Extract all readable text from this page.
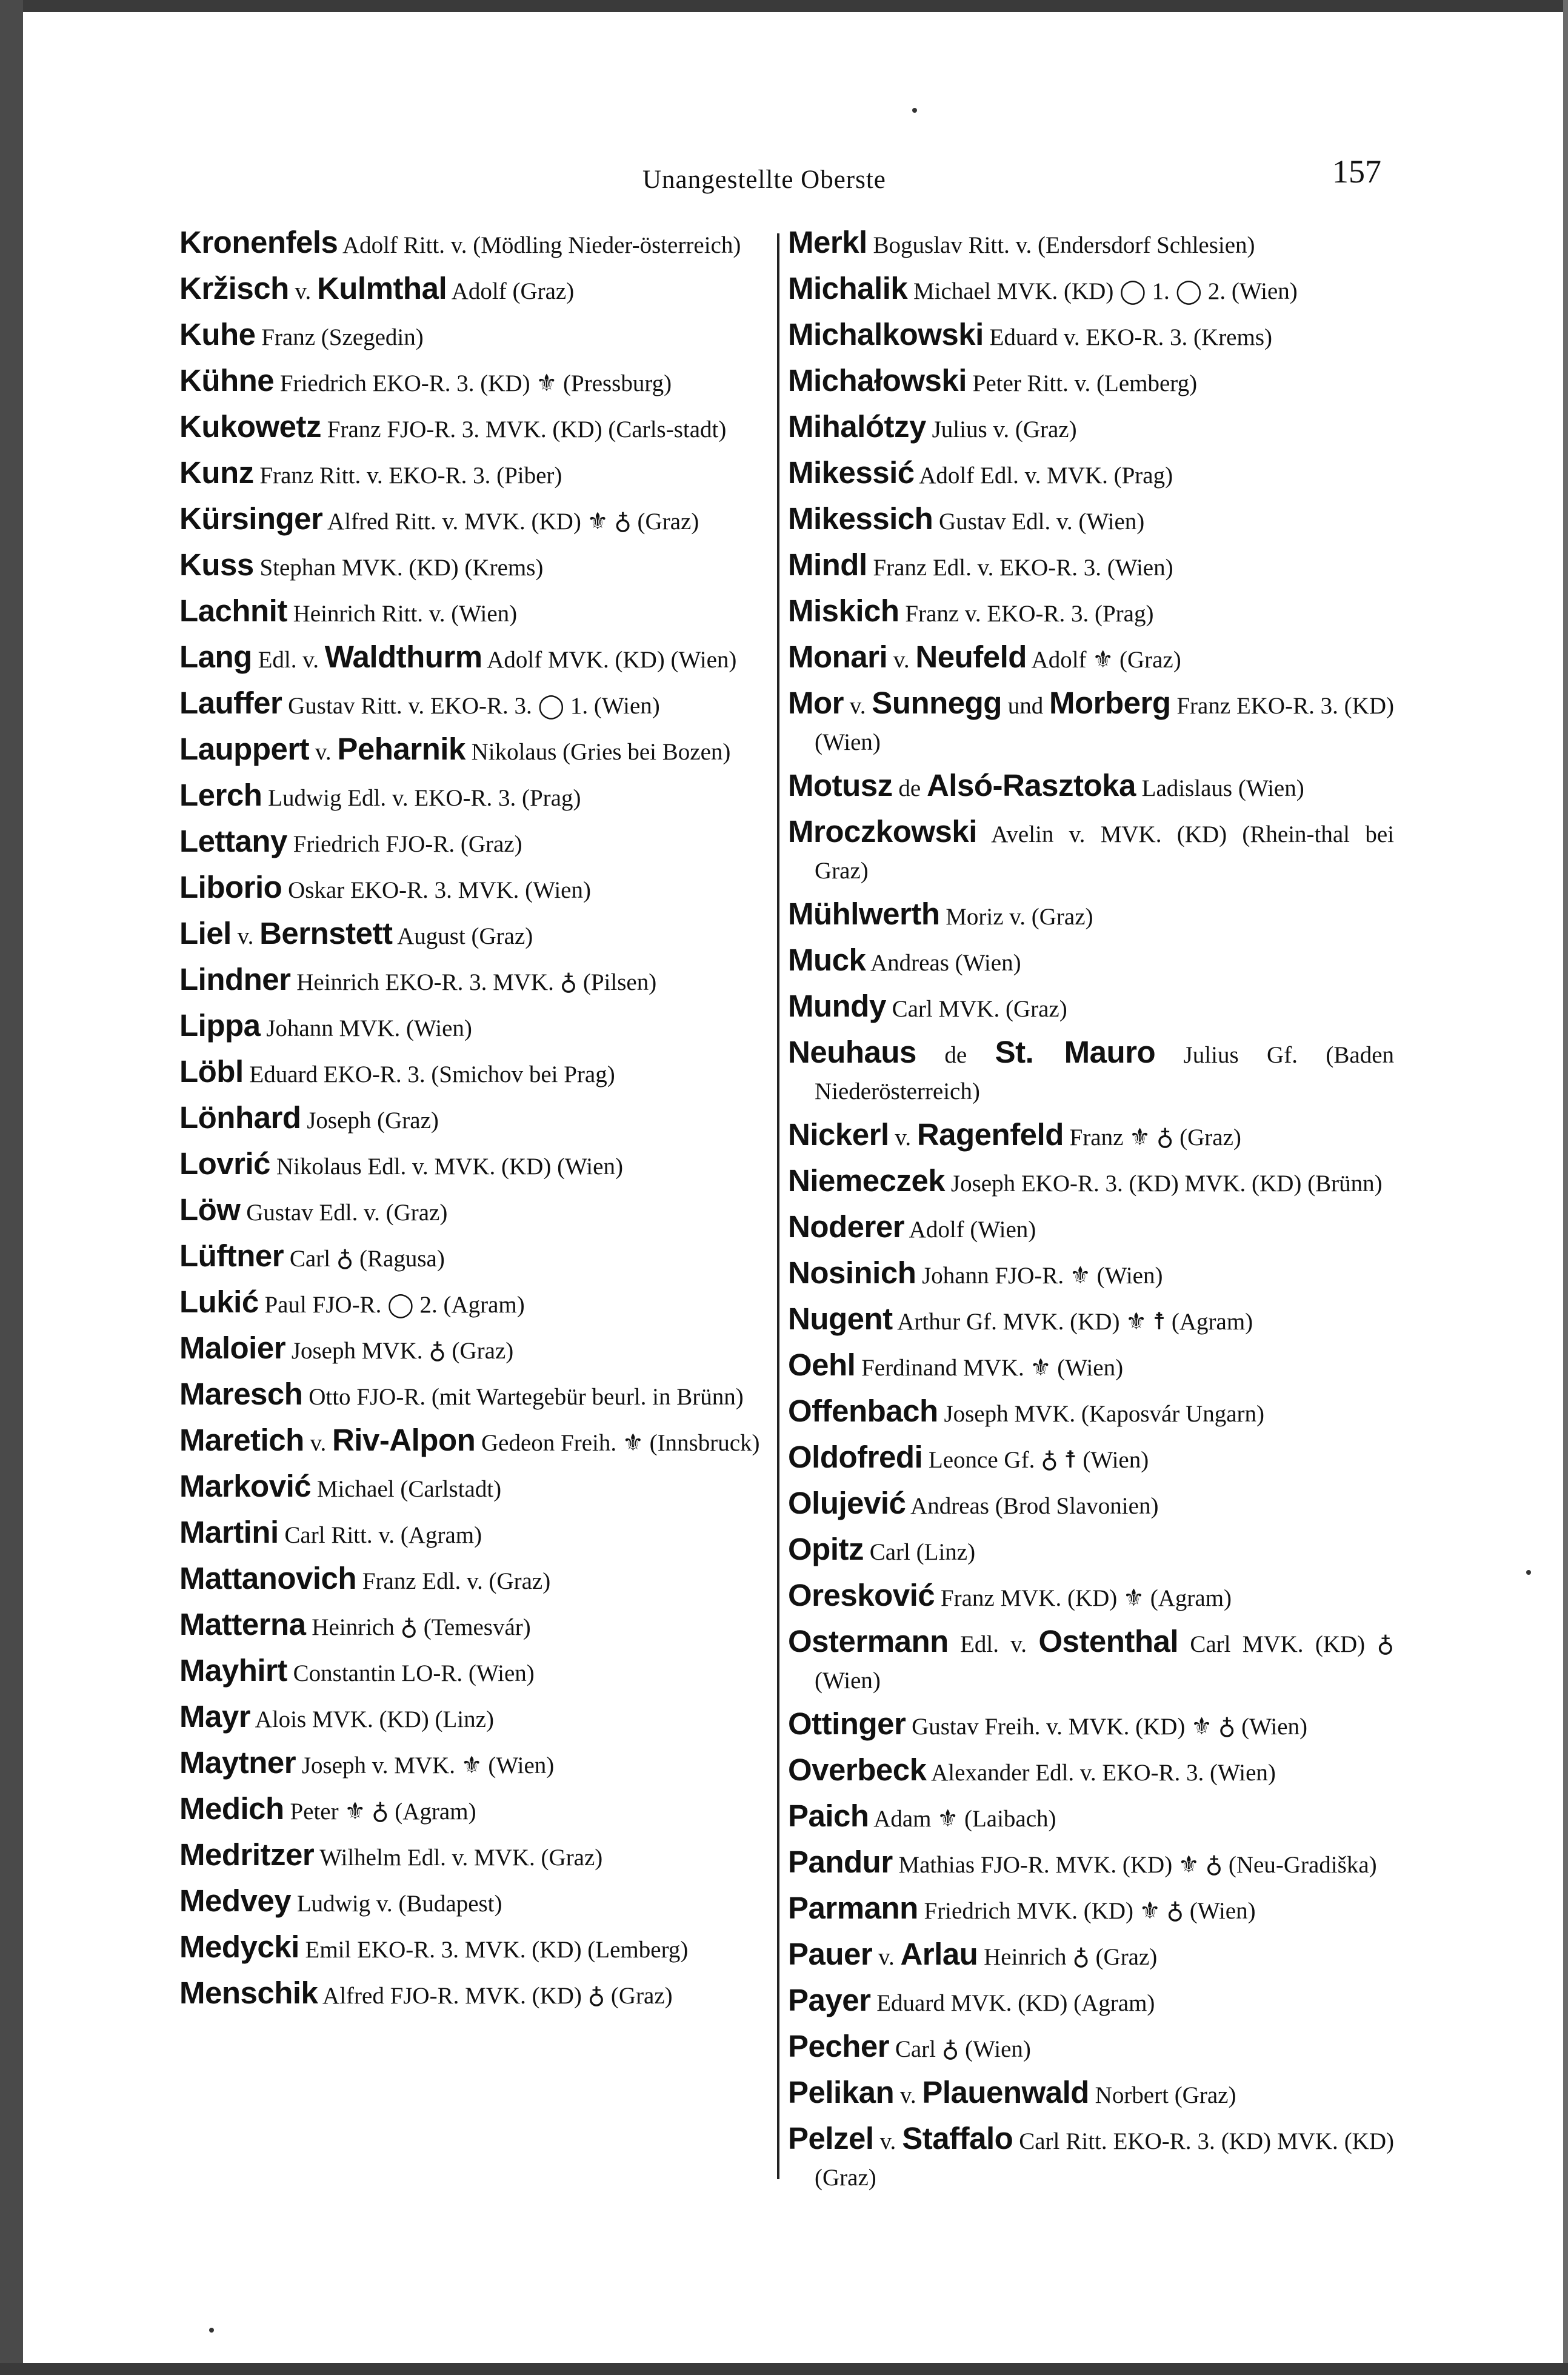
Unangestellte Oberste	157
Kronenfels Adolf Ritt. v. (Mödling Nieder-österreich)
Kržisch v. Kulmthal Adolf (Graz)
Kuhe Franz (Szegedin)
Kühne Friedrich EKO-R. 3. (KD) ⚜ (Pressburg)
Kukowetz Franz FJO-R. 3. MVK. (KD) (Carls-stadt)
Kunz Franz Ritt. v. EKO-R. 3. (Piber)
Kürsinger Alfred Ritt. v. MVK. (KD) ⚜ ♁ (Graz)
Kuss Stephan MVK. (KD) (Krems)
Lachnit Heinrich Ritt. v. (Wien)
Lang Edl. v. Waldthurm Adolf MVK. (KD) (Wien)
Lauffer Gustav Ritt. v. EKO-R. 3. ◯ 1. (Wien)
Lauppert v. Peharnik Nikolaus (Gries bei Bozen)
Lerch Ludwig Edl. v. EKO-R. 3. (Prag)
Lettany Friedrich FJO-R. (Graz)
Liborio Oskar EKO-R. 3. MVK. (Wien)
Liel v. Bernstett August (Graz)
Lindner Heinrich EKO-R. 3. MVK. ♁ (Pilsen)
Lippa Johann MVK. (Wien)
Löbl Eduard EKO-R. 3. (Smichov bei Prag)
Lönhard Joseph (Graz)
Lovrić Nikolaus Edl. v. MVK. (KD) (Wien)
Löw Gustav Edl. v. (Graz)
Lüftner Carl ♁ (Ragusa)
Lukić Paul FJO-R. ◯ 2. (Agram)
Maloier Joseph MVK. ♁ (Graz)
Maresch Otto FJO-R. (mit Wartegebür beurl. in Brünn)
Maretich v. Riv-Alpon Gedeon Freih. ⚜ (Innsbruck)
Marković Michael (Carlstadt)
Martini Carl Ritt. v. (Agram)
Mattanovich Franz Edl. v. (Graz)
Matterna Heinrich ♁ (Temesvár)
Mayhirt Constantin LO-R. (Wien)
Mayr Alois MVK. (KD) (Linz)
Maytner Joseph v. MVK. ⚜ (Wien)
Medich Peter ⚜ ♁ (Agram)
Medritzer Wilhelm Edl. v. MVK. (Graz)
Medvey Ludwig v. (Budapest)
Medycki Emil EKO-R. 3. MVK. (KD) (Lemberg)
Menschik Alfred FJO-R. MVK. (KD) ♁ (Graz)
Merkl Boguslav Ritt. v. (Endersdorf Schlesien)
Michalik Michael MVK. (KD) ◯ 1. ◯ 2. (Wien)
Michalkowski Eduard v. EKO-R. 3. (Krems)
Michałowski Peter Ritt. v. (Lemberg)
Mihalótzy Julius v. (Graz)
Mikessić Adolf Edl. v. MVK. (Prag)
Mikessich Gustav Edl. v. (Wien)
Mindl Franz Edl. v. EKO-R. 3. (Wien)
Miskich Franz v. EKO-R. 3. (Prag)
Monari v. Neufeld Adolf ⚜ (Graz)
Mor v. Sunnegg und Morberg Franz EKO-R. 3. (KD) (Wien)
Motusz de Alsó-Rasztoka Ladislaus (Wien)
Mroczkowski Avelin v. MVK. (KD) (Rhein-thal bei Graz)
Mühlwerth Moriz v. (Graz)
Muck Andreas (Wien)
Mundy Carl MVK. (Graz)
Neuhaus de St. Mauro Julius Gf. (Baden Niederösterreich)
Nickerl v. Ragenfeld Franz ⚜ ♁ (Graz)
Niemeczek Joseph EKO-R. 3. (KD) MVK. (KD) (Brünn)
Noderer Adolf (Wien)
Nosinich Johann FJO-R. ⚜ (Wien)
Nugent Arthur Gf. MVK. (KD) ⚜ ☨ (Agram)
Oehl Ferdinand MVK. ⚜ (Wien)
Offenbach Joseph MVK. (Kaposvár Ungarn)
Oldofredi Leonce Gf. ♁ ☨ (Wien)
Olujević Andreas (Brod Slavonien)
Opitz Carl (Linz)
Oresković Franz MVK. (KD) ⚜ (Agram)
Ostermann Edl. v. Ostenthal Carl MVK. (KD) ♁ (Wien)
Ottinger Gustav Freih. v. MVK. (KD) ⚜ ♁ (Wien)
Overbeck Alexander Edl. v. EKO-R. 3. (Wien)
Paich Adam ⚜ (Laibach)
Pandur Mathias FJO-R. MVK. (KD) ⚜ ♁ (Neu-Gradiška)
Parmann Friedrich MVK. (KD) ⚜ ♁ (Wien)
Pauer v. Arlau Heinrich ♁ (Graz)
Payer Eduard MVK. (KD) (Agram)
Pecher Carl ♁ (Wien)
Pelikan v. Plauenwald Norbert (Graz)
Pelzel v. Staffalo Carl Ritt. EKO-R. 3. (KD) MVK. (KD) (Graz)
